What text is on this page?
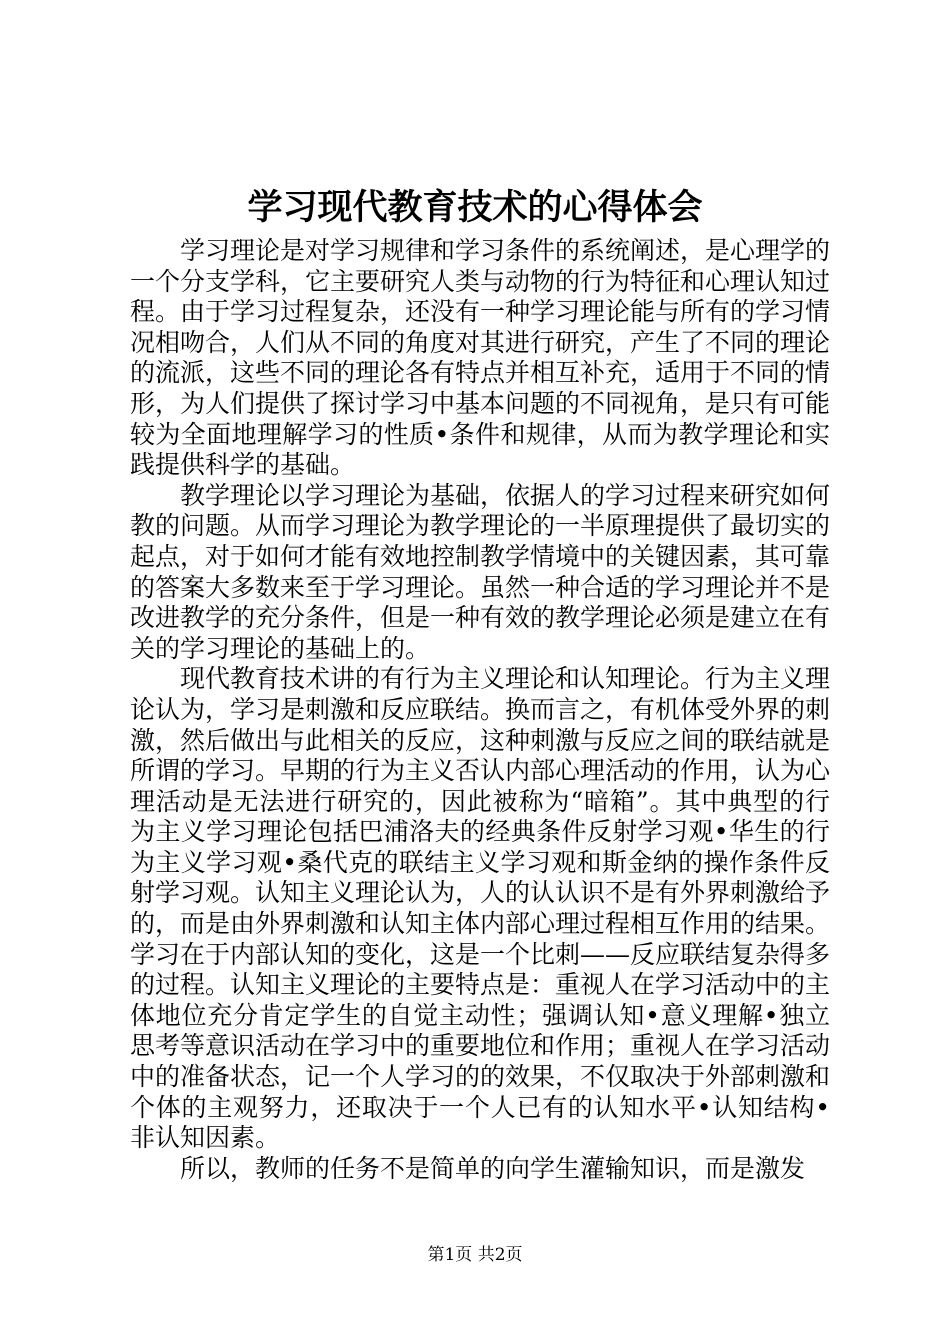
学习现代教育技术的心得体会

学习理论是对学习规律和学习条件的系统阐述，是心理学的一个分支学科，它主要研究人类与动物的行为特征和心理认知过程。由于学习过程复杂，还没有一种学习理论能与所有的学习情况相吻合，人们从不同的角度对其进行研究，产生了不同的理论的流派，这些不同的理论各有特点并相互补充，适用于不同的情形，为人们提供了探讨学习中基本问题的不同视角，是只有可能较为全面地理解学习的性质•条件和规律，从而为教学理论和实践提供科学的基础。

教学理论以学习理论为基础，依据人的学习过程来研究如何教的问题。从而学习理论为教学理论的一半原理提供了最切实的起点，对于如何才能有效地控制教学情境中的关键因素，其可靠的答案大多数来至于学习理论。虽然一种合适的学习理论并不是改进教学的充分条件，但是一种有效的教学理论必须是建立在有关的学习理论的基础上的。

现代教育技术讲的有行为主义理论和认知理论。行为主义理论认为，学习是刺激和反应联结。换而言之，有机体受外界的刺激，然后做出与此相关的反应，这种刺激与反应之间的联结就是所谓的学习。早期的行为主义否认内部心理活动的作用，认为心理活动是无法进行研究的，因此被称为“暗箱”。其中典型的行为主义学习理论包括巴浦洛夫的经典条件反射学习观•华生的行为主义学习观•桑代克的联结主义学习观和斯金纳的操作条件反射学习观。认知主义理论认为，人的认认识不是有外界刺激给予的，而是由外界刺激和认知主体内部心理过程相互作用的结果。学习在于内部认知的变化，这是一个比刺——反应联结复杂得多的过程。认知主义理论的主要特点是：重视人在学习活动中的主体地位充分肯定学生的自觉主动性；强调认知•意义理解•独立思考等意识活动在学习中的重要地位和作用；重视人在学习活动中的准备状态，记一个人学习的的效果，不仅取决于外部刺激和个体的主观努力，还取决于一个人已有的认知水平•认知结构•非认知因素。

所以，教师的任务不是简单的向学生灌输知识，而是激发

第1页 共2页
